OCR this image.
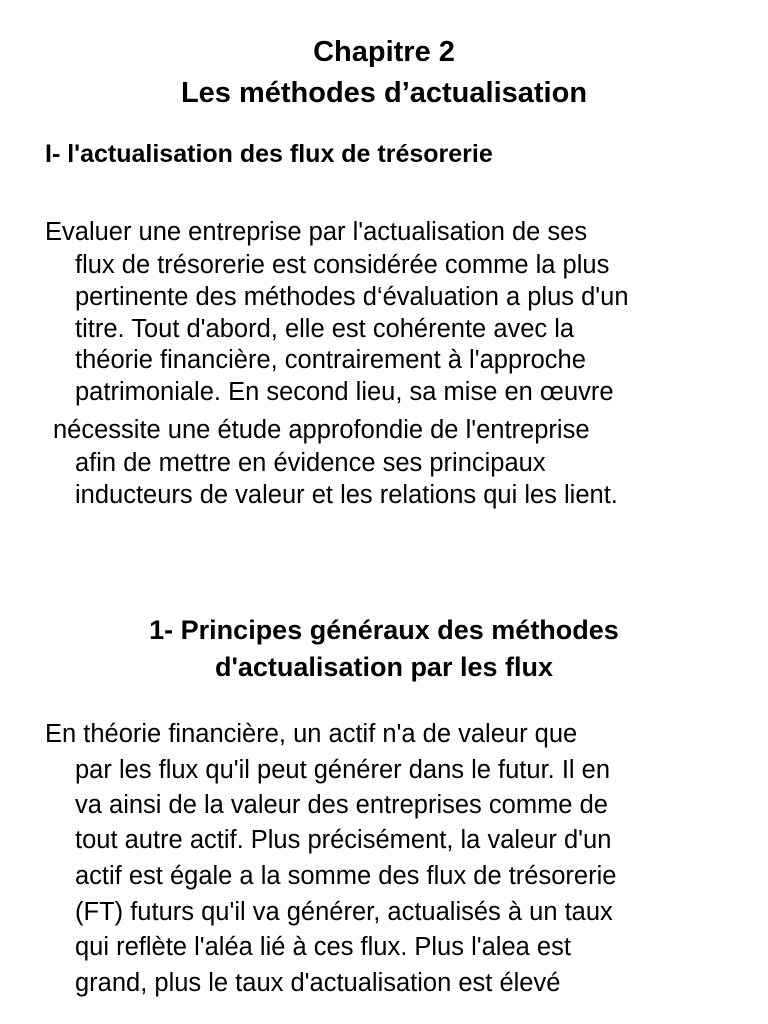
Chapitre 2
Les méthodes d’actualisation
I- l'actualisation des flux de trésorerie
Evaluer une entreprise par l'actualisation de ses
flux de trésorerie est considérée comme la plus
pertinente des méthodes d‘évaluation a plus d'un
titre. Tout d'abord, elle est cohérente avec la
théorie financière, contrairement à l'approche
patrimoniale. En second lieu, sa mise en œuvre
nécessite une étude approfondie de l'entreprise
afin de mettre en évidence ses principaux
inducteurs de valeur et les relations qui les lient.
1- Principes généraux des méthodes
d'actualisation par les flux
En théorie financière, un actif n'a de valeur que
par les flux qu'il peut générer dans le futur. Il en
va ainsi de la valeur des entreprises comme de
tout autre actif. Plus précisément, la valeur d'un
actif est égale a la somme des flux de trésorerie
(FT) futurs qu'il va générer, actualisés à un taux
qui reflète l'aléa lié à ces flux. Plus l'alea est
grand, plus le taux d'actualisation est élevé
